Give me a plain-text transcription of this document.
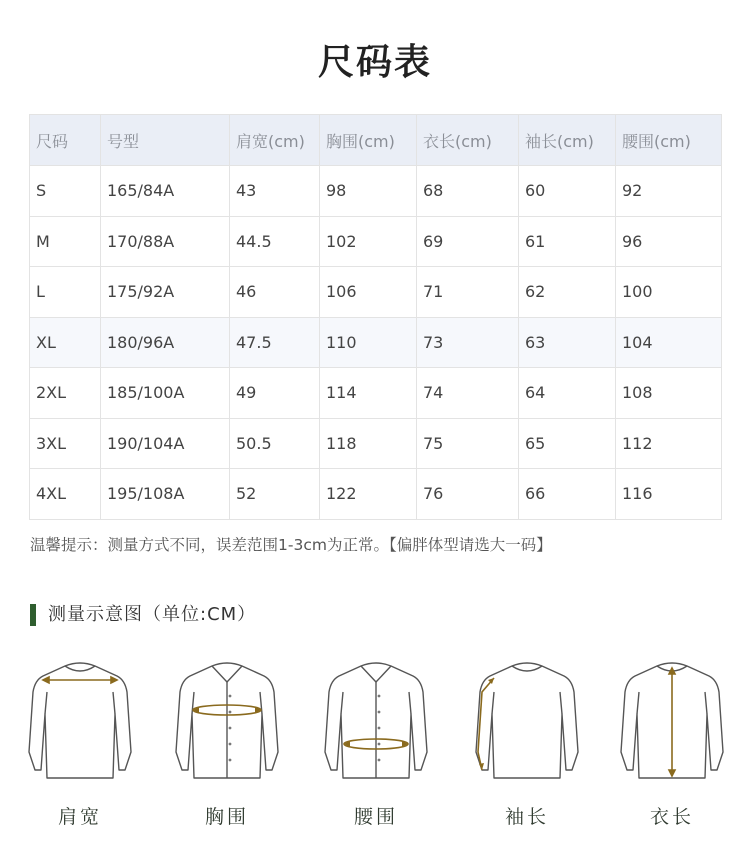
尺码表
尺码	号型	肩宽(cm)	胸围(cm)	衣长(cm)	袖长(cm)	腰围(cm)
S	165/84A	43	98	68	60	92
M	170/88A	44.5	102	69	61	96
L	175/92A	46	106	71	62	100
XL	180/96A	47.5	110	73	63	104
2XL	185/100A	49	114	74	64	108
3XL	190/104A	50.5	118	75	65	112
4XL	195/108A	52	122	76	66	116
温馨提示：测量方式不同，误差范围1-3cm为正常。【偏胖体型请选大一码】
测量示意图（单位:CM）
肩宽	胸围	腰围	袖长	衣长
